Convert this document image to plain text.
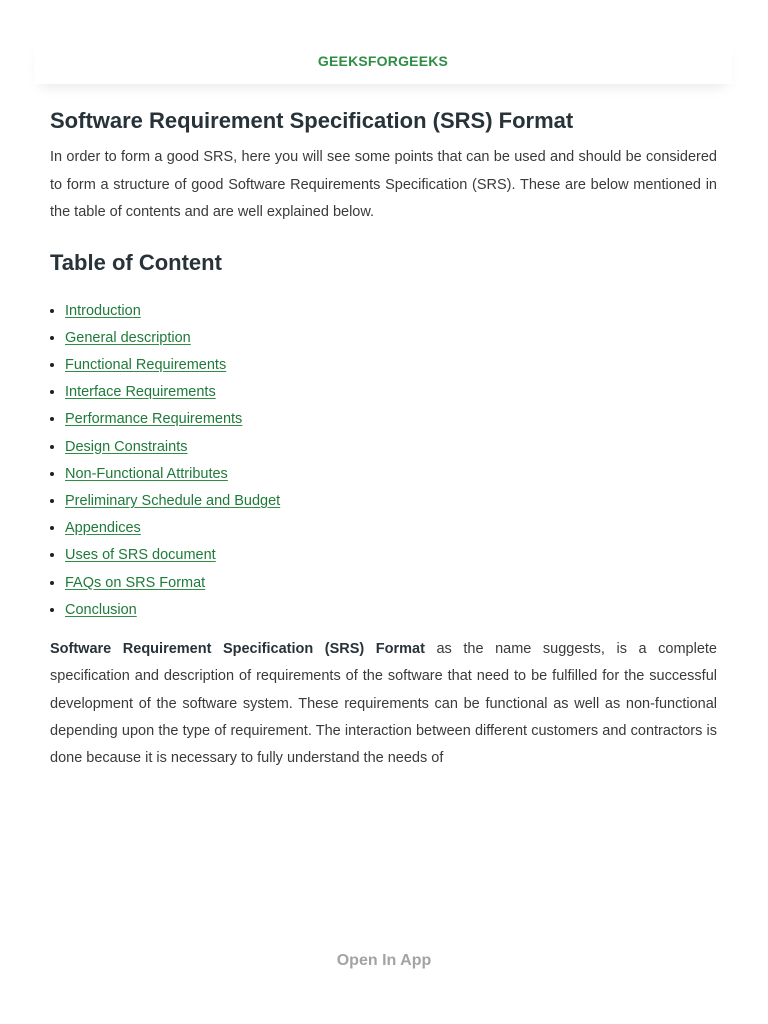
GEEKSFORGEEKS
Software Requirement Specification (SRS) Format

In order to form a good SRS, here you will see some points that can be used and should be considered to form a structure of good Software Requirements Specification (SRS). These are below mentioned in the table of contents and are well explained below.

Table of Content
• Introduction
• General description
• Functional Requirements
• Interface Requirements
• Performance Requirements
• Design Constraints
• Non-Functional Attributes
• Preliminary Schedule and Budget
• Appendices
• Uses of SRS document
• FAQs on SRS Format
• Conclusion

Software Requirement Specification (SRS) Format as the name suggests, is a complete specification and description of requirements of the software that need to be fulfilled for the successful development of the software system. These requirements can be functional as well as non-functional depending upon the type of requirement. The interaction between different customers and contractors is done because it is necessary to fully understand the needs of

Open In App
